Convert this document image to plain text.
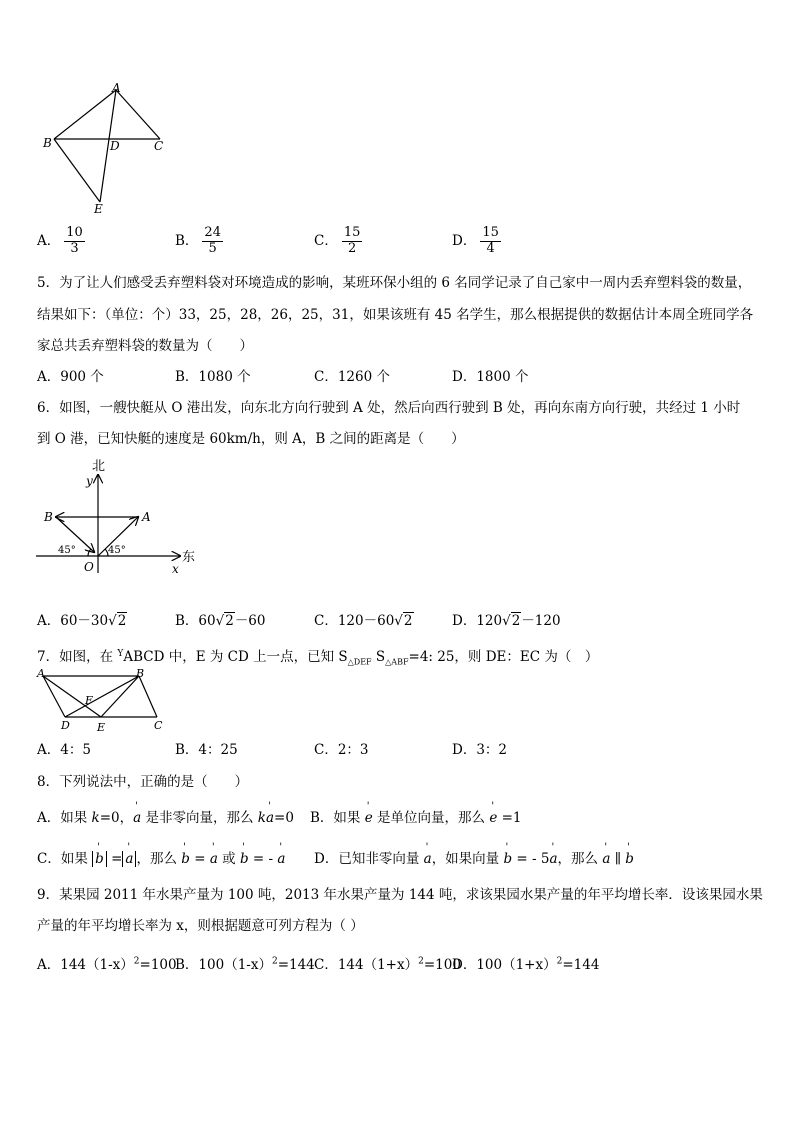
A
B	D	C
E
A． $\frac{10}{3}$	B． $\frac{24}{5}$	C． $\frac{15}{2}$	D． $\frac{15}{4}$
5．为了让人们感受丢弃塑料袋对环境造成的影响，某班环保小组的 6 名同学记录了自己家中一周内丢弃塑料袋的数量，
结果如下：（单位：个）33，25，28，26，25，31，如果该班有 45 名学生，那么根据提供的数据估计本周全班同学各
家总共丢弃塑料袋的数量为（　　）
A．900 个	B．1080 个	C．1260 个	D．1800 个
6．如图，一艘快艇从 O 港出发，向东北方向行驶到 A 处，然后向西行驶到 B 处，再向东南方向行驶，共经过 1 小时
到 O 港，已知快艇的速度是 60km/h，则 A，B 之间的距离是（　　）
北
y
东
x
O
A
B
45°	45°
A．60－30√2	B．60√2－60	C．120－60√2	D．120√2－120
7．如图，在 $^Y$ABCD 中，E 为 CD 上一点，已知 $S_{\triangle DEF}$ $S_{\triangle ABF}=4$: 25，则 DE：EC 为（　）
A	B
F
D E	C
A．4：5	B．4：25	C．2：3	D．3：2
8．下列说法中，正确的是（　　）
A．如果 k=0，' a 是非零向量，那么 k' a=0 B．如果 ' e 是单位向量，那么 ' e =1
C．如果 ' b =' a ，那么 ' b = ' a 或 ' b = - ' a D．已知非零向量 ' a，如果向量 ' b = - 5' a，那么 ' a ∥ ' b
9．某果园 2011 年水果产量为 100 吨，2013 年水果产量为 144 吨，求该果园水果产量的年平均增长率．设该果园水果
产量的年平均增长率为 x，则根据题意可列方程为（ ）
A．$144(1-x)^2=100$
B．$100(1-x)^2=144$ C．$144(1+x)^2=100$
D．$100(1+x)^2=144$
